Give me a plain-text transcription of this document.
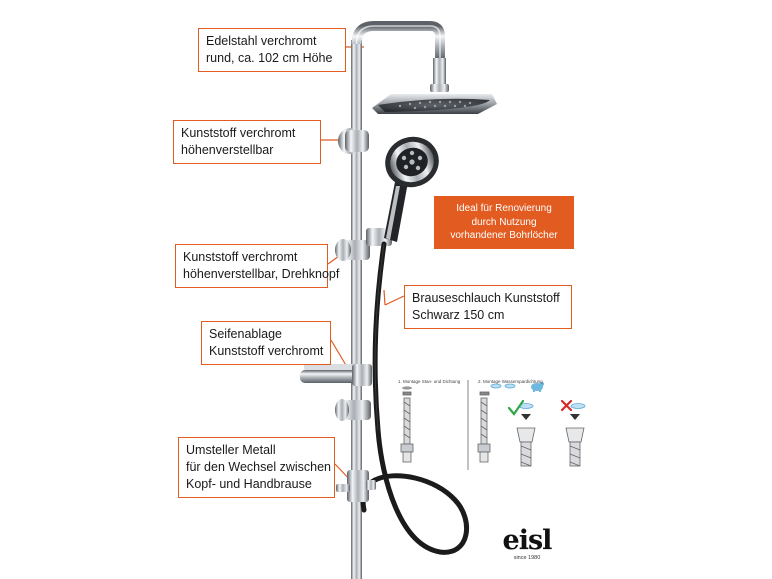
Edelstahl verchromt
rund, ca. 102 cm Höhe
Kunststoff verchromt
höhenverstellbar
Ideal für Renovierung
durch Nutzung
vorhandener Bohrlöcher
Kunststoff verchromt
höhenverstellbar, Drehknopf
Brauseschlauch Kunststoff
Schwarz 150 cm
Seifenablage
Kunststoff verchromt
Umsteller Metall
für den Wechsel zwischen
Kopf- und Handbrause
1. Montage Stan- und Dichtung	2. Montage Wasserspardichtung
eisl
since 1980
